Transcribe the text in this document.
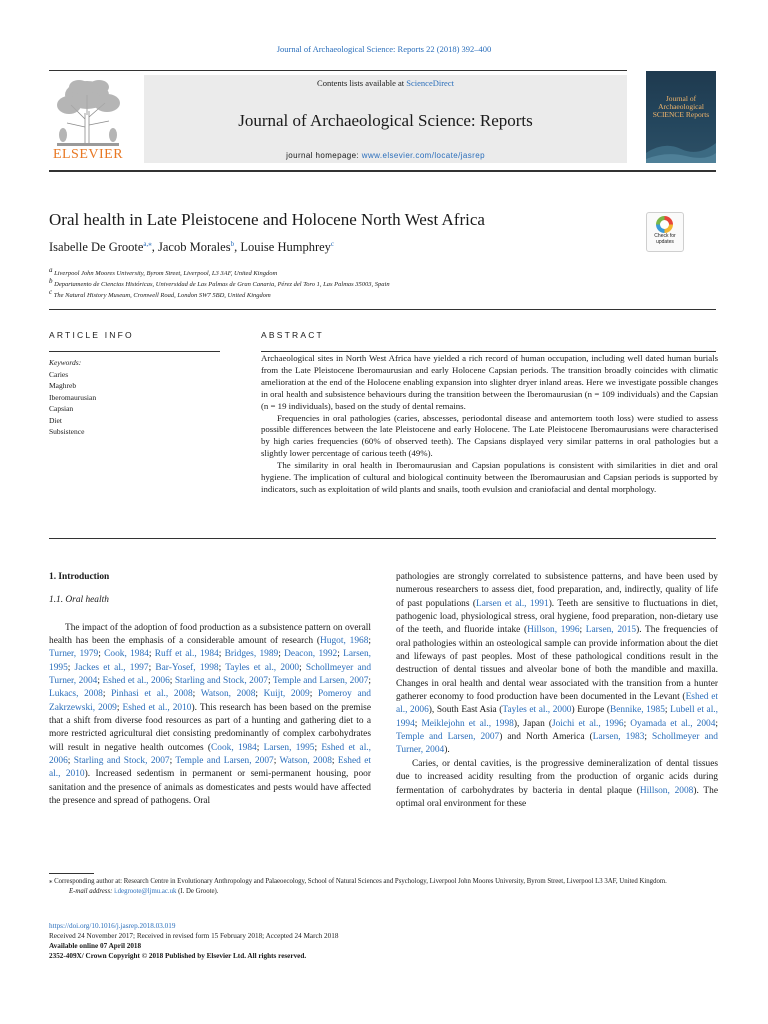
Journal of Archaeological Science: Reports 22 (2018) 392–400
ELSEVIER
Contents lists available at ScienceDirect
Journal of Archaeological Science: Reports
journal homepage: www.elsevier.com/locate/jasrep
Journal of Archaeological SCIENCE Reports
Oral health in Late Pleistocene and Holocene North West Africa
Isabelle De Groote$^{a,⁎}$, Jacob Morales$^b$, Louise Humphrey$^c$
$^a$ Liverpool John Moores University, Byrom Street, Liverpool, L3 3AF, United Kingdom
$^b$ Departamento de Ciencias Históricas, Universidad de Las Palmas de Gran Canaria, Pérez del Toro 1, Las Palmas 35003, Spain
$^c$ The Natural History Museum, Cromwell Road, London SW7 5BD, United Kingdom
Check for updates
ARTICLE INFO	ABSTRACT
Keywords:
Caries
Maghreb
Iberomaurusian
Capsian
Diet
Subsistence

Archaeological sites in North West Africa have yielded a rich record of human occupation, including well dated human burials from the Late Pleistocene Iberomaurusian and early Holocene Capsian periods. The transition broadly coincides with climatic amelioration at the end of the Holocene enabling expansion into slighter dryer inland areas. Here we investigate possible changes in oral health and subsistence behaviours during the transition between the Iberomaurusian (n = 109 individuals) and the Capsian (n = 19 individuals), based on the study of dental remains.

Frequencies in oral pathologies (caries, abscesses, periodontal disease and antemortem tooth loss) were studied to assess possible differences between the late Pleistocene and early Holocene. The Late Pleistocene Iberomaurusians were characterised by high caries frequencies (60% of observed teeth). The Capsians displayed very similar patterns in oral pathologies but a slightly lower percentage of carious teeth (49%).

The similarity in oral health in Iberomaurusian and Capsian populations is consistent with similarities in diet and oral hygiene. The implication of cultural and biological continuity between the Iberomaurusian and Capsian periods is supported by indicators, such as exploitation of wild plants and snails, tooth evulsion and craniofacial and dental morphology.

1. Introduction
1.1. Oral health

The impact of the adoption of food production as a subsistence pattern on overall health has been the emphasis of a considerable amount of research (Hugot, 1968; Turner, 1979; Cook, 1984; Ruff et al., 1984; Bridges, 1989; Deacon, 1992; Larsen, 1995; Jackes et al., 1997; Bar-Yosef, 1998; Tayles et al., 2000; Schollmeyer and Turner, 2004; Eshed et al., 2006; Starling and Stock, 2007; Temple and Larsen, 2007; Lukacs, 2008; Pinhasi et al., 2008; Watson, 2008; Kuijt, 2009; Pomeroy and Zakrzewski, 2009; Eshed et al., 2010). This research has been based on the premise that a shift from diverse food resources as part of a hunting and gathering diet to a more restricted agricultural diet consisting predominantly of complex carbohydrates will result in negative health outcomes (Cook, 1984; Larsen, 1995; Eshed et al., 2006; Starling and Stock, 2007; Temple and Larsen, 2007; Watson, 2008; Eshed et al., 2010). Increased sedentism in permanent or semi-permanent housing, poor sanitation and the presence of animals as domesticates and pests would have affected the presence and spread of pathogens. Oral

pathologies are strongly correlated to subsistence patterns, and have been used by numerous researchers to assess diet, food preparation, and, indirectly, quality of life of past populations (Larsen et al., 1991). Teeth are sensitive to fluctuations in diet, pathogenic load, physiological stress, oral hygiene, food preparation, non-dietary use of the teeth, and fluoride intake (Hillson, 1996; Larsen, 2015). The frequencies of oral pathologies within an osteological sample can provide information about the diet and lifeways of past peoples. Most of these pathological conditions result in the destruction of dental tissues and alveolar bone of both the mandible and maxilla. Changes in oral health and dental wear associated with the transition from a hunter gatherer economy to food production have been documented in the Levant (Eshed et al., 2006), South East Asia (Tayles et al., 2000) Europe (Bennike, 1985; Lubell et al., 1994; Meiklejohn et al., 1998), Japan (Joichi et al., 1996; Oyamada et al., 2004; Temple and Larsen, 2007) and North America (Larsen, 1983; Schollmeyer and Turner, 2004).

Caries, or dental cavities, is the progressive demineralization of dental tissues due to increased acidity resulting from the production of organic acids during fermentation of carbohydrates by bacteria in dental plaque (Hillson, 2008). The optimal oral environment for these

⁎ Corresponding author at: Research Centre in Evolutionary Anthropology and Palaeoecology, School of Natural Sciences and Psychology, Liverpool John Moores University, Byrom Street, Liverpool L3 3AF, United Kingdom.

E-mail address: i.degroote@ljmu.ac.uk (I. De Groote).

https://doi.org/10.1016/j.jasrep.2018.03.019

Received 24 November 2017; Received in revised form 15 February 2018; Accepted 24 March 2018

Available online 07 April 2018

2352-409X/ Crown Copyright © 2018 Published by Elsevier Ltd. All rights reserved.
